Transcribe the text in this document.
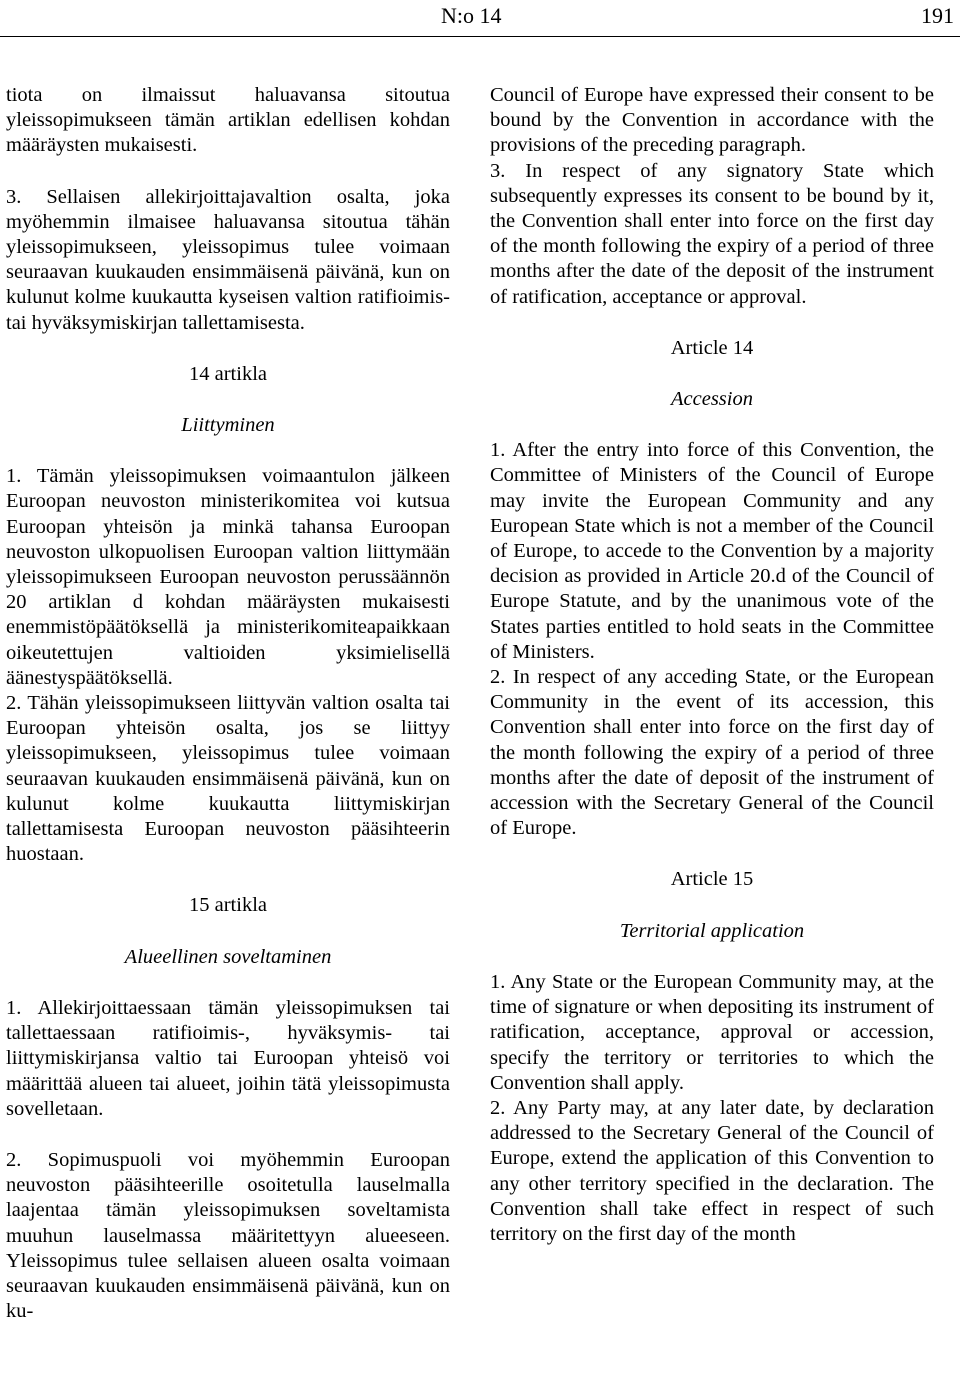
N:o 14	191

tiota on ilmaissut haluavansa sitoutua yleissopimukseen tämän artiklan edellisen kohdan määräysten mukaisesti.

3. Sellaisen allekirjoittajavaltion osalta, joka myöhemmin ilmaisee haluavansa sitoutua tähän yleissopimukseen, yleissopimus tulee voimaan seuraavan kuukauden ensimmäisenä päivänä, kun on kulunut kolme kuukautta kyseisen valtion ratifioimis- tai hyväksymiskirjan tallettamisesta.

14 artikla
Liittyminen

1. Tämän yleissopimuksen voimaantulon jälkeen Euroopan neuvoston ministerikomitea voi kutsua Euroopan yhteisön ja minkä tahansa Euroopan neuvoston ulkopuolisen Euroopan valtion liittymään yleissopimukseen Euroopan neuvoston perussäännön 20 artiklan d kohdan määräysten mukaisesti enemmistöpäätöksellä ja ministerikomiteapaikkaan oikeutettujen valtioiden yksimielisellä äänestyspäätöksellä.

2. Tähän yleissopimukseen liittyvän valtion osalta tai Euroopan yhteisön osalta, jos se liittyy yleissopimukseen, yleissopimus tulee voimaan seuraavan kuukauden ensimmäisenä päivänä, kun on kulunut kolme kuukautta liittymiskirjan tallettamisesta Euroopan neuvoston pääsihteerin huostaan.

15 artikla
Alueellinen soveltaminen

1. Allekirjoittaessaan tämän yleissopimuksen tai tallettaessaan ratifioimis-, hyväksymis- tai liittymiskirjansa valtio tai Euroopan yhteisö voi määrittää alueen tai alueet, joihin tätä yleissopimusta sovelletaan.

2. Sopimuspuoli voi myöhemmin Euroopan neuvoston pääsihteerille osoitetulla lauselmalla laajentaa tämän yleissopimuksen soveltamista muuhun lauselmassa määritettyyn alueeseen. Yleissopimus tulee sellaisen alueen osalta voimaan seuraavan kuukauden ensimmäisenä päivänä, kun on ku-

Council of Europe have expressed their consent to be bound by the Convention in accordance with the provisions of the preceding paragraph.

3. In respect of any signatory State which subsequently expresses its consent to be bound by it, the Convention shall enter into force on the first day of the month following the expiry of a period of three months after the date of the deposit of the instrument of ratification, acceptance or approval.

Article 14
Accession

1. After the entry into force of this Convention, the Committee of Ministers of the Council of Europe may invite the European Community and any European State which is not a member of the Council of Europe, to accede to the Convention by a majority decision as provided in Article 20.d of the Council of Europe Statute, and by the unanimous vote of the States parties entitled to hold seats in the Committee of Ministers.

2. In respect of any acceding State, or the European Community in the event of its accession, this Convention shall enter into force on the first day of the month following the expiry of a period of three months after the date of deposit of the instrument of accession with the Secretary General of the Council of Europe.

Article 15
Territorial application

1. Any State or the European Community may, at the time of signature or when depositing its instrument of ratification, acceptance, approval or accession, specify the territory or territories to which the Convention shall apply.

2. Any Party may, at any later date, by declaration addressed to the Secretary General of the Council of Europe, extend the application of this Convention to any other territory specified in the declaration. The Convention shall take effect in respect of such territory on the first day of the month
